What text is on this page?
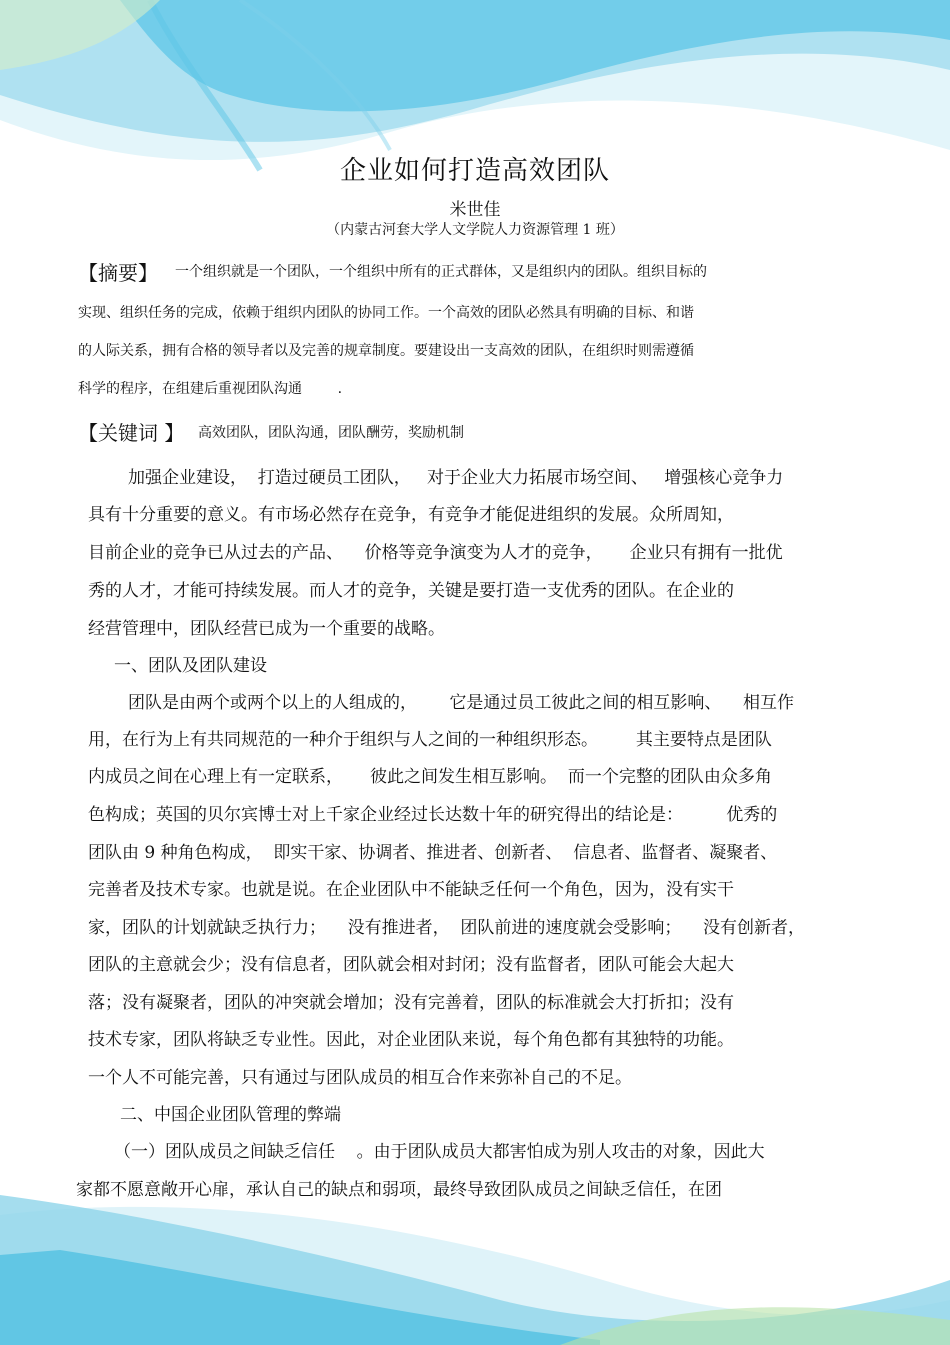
企业如何打造高效团队
米世佳
（内蒙古河套大学人文学院人力资源管理 1 班）
【摘要】 一个组织就是一个团队，一个组织中所有的正式群体，又是组织内的团队。组织目标的
实现、组织任务的完成，依赖于组织内团队的协同工作。一个高效的团队必然具有明确的目标、和谐
的人际关系，拥有合格的领导者以及完善的规章制度。要建设出一支高效的团队，在组织时则需遵循
科学的程序，在组建后重视团队沟通        .
【关键词 】 高效团队，团队沟通，团队酬劳，奖励机制
加强企业建设，  打造过硬员工团队，   对于企业大力拓展市场空间、   增强核心竞争力
具有十分重要的意义。有市场必然存在竞争，有竞争才能促进组织的发展。众所周知，
目前企业的竞争已从过去的产品、    价格等竞争演变为人才的竞争，     企业只有拥有一批优
秀的人才，才能可持续发展。而人才的竞争，关键是要打造一支优秀的团队。在企业的
经营管理中，团队经营已成为一个重要的战略。
一、团队及团队建设
团队是由两个或两个以上的人组成的，      它是通过员工彼此之间的相互影响、    相互作
用，在行为上有共同规范的一种介于组织与人之间的一种组织形态。       其主要特点是团队
内成员之间在心理上有一定联系，     彼此之间发生相互影响。  而一个完整的团队由众多角
色构成；英国的贝尔宾博士对上千家企业经过长达数十年的研究得出的结论是：        优秀的
团队由 9 种角色构成，  即实干家、协调者、推进者、创新者、  信息者、监督者、凝聚者、
完善者及技术专家。也就是说。在企业团队中不能缺乏任何一个角色，因为，没有实干
家，团队的计划就缺乏执行力；    没有推进者，  团队前进的速度就会受影响；    没有创新者，
团队的主意就会少；没有信息者，团队就会相对封闭；没有监督者，团队可能会大起大
落；没有凝聚者，团队的冲突就会增加；没有完善着，团队的标准就会大打折扣；没有
技术专家，团队将缺乏专业性。因此，对企业团队来说，每个角色都有其独特的功能。
一个人不可能完善，只有通过与团队成员的相互合作来弥补自己的不足。
二、中国企业团队管理的弊端
（一）团队成员之间缺乏信任    。由于团队成员大都害怕成为别人攻击的对象，因此大
家都不愿意敞开心扉，承认自己的缺点和弱项，最终导致团队成员之间缺乏信任，在团
